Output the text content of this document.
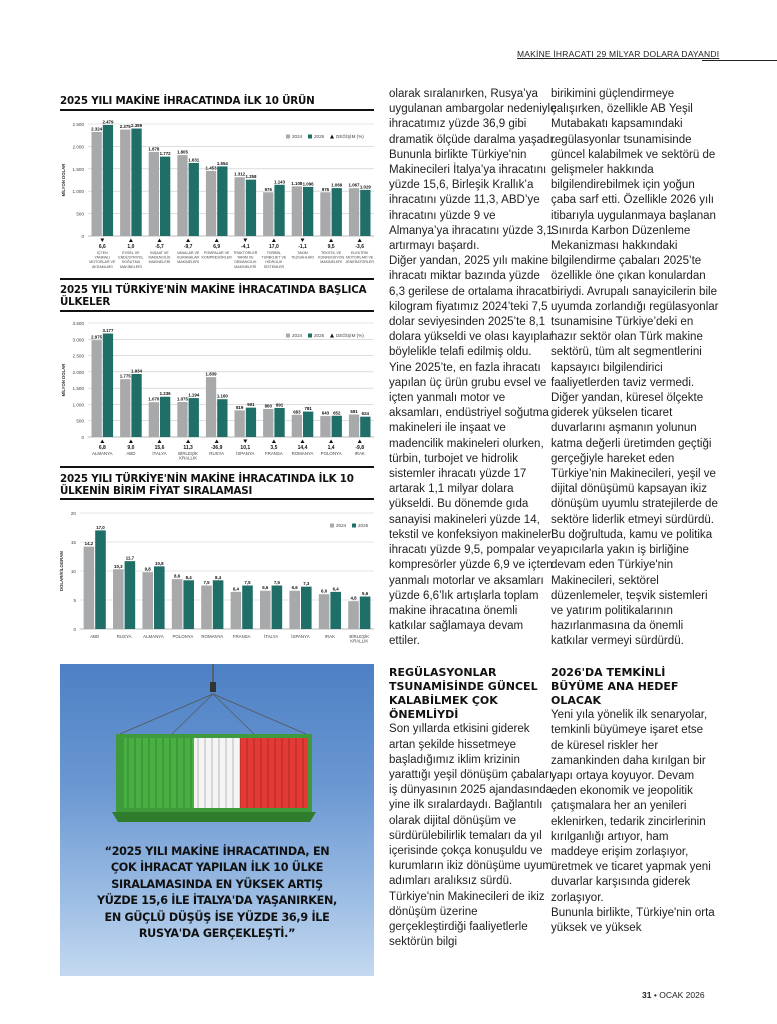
MAKİNE İHRACATI 29 MİLYAR DOLARA DAYANDI
2025 YILI MAKİNE İHRACATINDA İLK 10 ÜRÜN
0
500
1.000
1.500
2.000
2.500
MİLYON DOLAR
2024	2025	DEĞİŞİM (%)
2.324
2.479
6,6
İÇTEN
YANMALI
MOTORLAR VE
AKSAMLARI
2.375 2.399
1,0
EVSEL VE
ENDÜSTRİYEL
SOĞUTMA
MAKİNELERİ
1.878
1.772
-5,7
İNŞAAT VE
MADENCİLİK
MAKİNELERİ
1.805
1.631
-9,7
VANALAR VE
KURANALAR
MAKİNELERİ
1.453
1.554
6,9
POMPALAR VE
KOMPRESÖRLER
1.312 1.258
-4,1
TRAKTÖRLER
TARIM VE
ORMANCILIK
MAKİNELERİ
976
1.143
17,0
TÜRBİN,
TURBOJET VE
HİDROLİK
SİSTEMLER
1.108 1.096
-1,1
TAKIM
TEZGAHLARI
976
1.069
9,5
TEKSTİL VE
KONFEKSİYON
MAKİNELERİ
1.067 1.029
-3,6
ELEKTRİK
MOTORLARI VE
JENERATÖRLER
2025 YILI TÜRKİYE'NİN MAKİNE İHRACATINDA BAŞLICA ÜLKELER
0
500
1.000
1.500
2.000
2.500
3.000
3.500
MİLYON DOLAR
2024	2025	DEĞİŞİM (%)
2.975
3.177
6,8
ALMANYA
1.775
1.934
9,0
ABD
1.070
1.236
15,6
İTALYA
1.075
1.194
11,3
BİRLEŞİK
KRALLIK
1.839
1.160
-36,9
RUSYA
819
901
10,1
İSPANYA
860 891
3,5
FRANSA
683
781
14,4
ROMANYA
643 652
1,4
POLONYA
691 624
-9,8
IRAK
2025 YILI TÜRKİYE'NİN MAKİNE İHRACATINDA İLK 10 ÜLKENİN BİRİM FİYAT SIRALAMASI
0
5
10
15
20
DOLAR/KİLOGRAM
2024	2025
14,2
17,0
ABD
10,3
11,7
RUSYA
9,8
10,8
ALMANYA
8,6 8,4
POLONYA
7,5
8,4
ROMANYA
6,4
7,5
FRANSA
6,6
7,5
İTALYA
6,6
7,3
İSPANYA
6,0 6,4
IRAK
4,8
5,6
BİRLEŞİK
KRALLIK
“2025 YILI MAKİNE İHRACATINDA, EN
ÇOK İHRACAT YAPILAN İLK 10 ÜLKE
SIRALAMASINDA EN YÜKSEK ARTIŞ
YÜZDE 15,6 İLE İTALYA'DA YAŞANIRKEN,
EN GÜÇLÜ DÜŞÜŞ İSE YÜZDE 36,9 İLE
RUSYA'DA GERÇEKLEŞTİ.”

olarak sıralanırken, Rusya’ya uygulanan ambargolar nedeniyle ihracatımız yüzde 36,9 gibi dramatik ölçüde daralma yaşadı. Bununla birlikte Türkiye'nin Makinecileri İtalya’ya ihracatını yüzde 15,6, Birleşik Krallık’a ihracatını yüzde 11,3, ABD’ye ihracatını yüzde 9 ve Almanya’ya ihracatını yüzde 3,1 artırmayı başardı.

Diğer yandan, 2025 yılı makine ihracatı miktar bazında yüzde 6,3 gerilese de ortalama ihracat kilogram fiyatımız 2024’teki 7,5 dolar seviyesinden 2025’te 8,1 dolara yükseldi ve olası kayıplar böylelikle telafi edilmiş oldu. Yine 2025’te, en fazla ihracatı yapılan üç ürün grubu evsel ve içten yanmalı motor ve aksamları, endüstriyel soğutma makineleri ile inşaat ve madencilik makineleri olurken, türbin, turbojet ve hidrolik sistemler ihracatı yüzde 17 artarak 1,1 milyar dolara yükseldi. Bu dönemde gıda sanayisi makineleri yüzde 14, tekstil ve konfeksiyon makineleri ihracatı yüzde 9,5, pompalar ve kompresörler yüzde 6,9 ve içten yanmalı motorlar ve aksamları yüzde 6,6’lık artışlarla toplam makine ihracatına önemli katkılar sağlamaya devam ettiler.

REGÜLASYONLAR TSUNAMİSİNDE GÜNCEL KALABİLMEK ÇOK ÖNEMLİYDİ

Son yıllarda etkisini giderek artan şekilde hissetmeye başladığımız iklim krizinin yarattığı yeşil dönüşüm çabaları, iş dünyasının 2025 ajandasında yine ilk sıralardaydı. Bağlantılı olarak dijital dönüşüm ve sürdürülebilirlik temaları da yıl içerisinde çokça konuşuldu ve kurumların ikiz dönüşüme uyum adımları aralıksız sürdü. Türkiye'nin Makinecileri de ikiz dönüşüm üzerine gerçekleştirdiği faaliyetlerle sektörün bilgi

birikimini güçlendirmeye çalışırken, özellikle AB Yeşil Mutabakatı kapsamındaki regülasyonlar tsunamisinde güncel kalabilmek ve sektörü de gelişmeler hakkında bilgilendirebilmek için yoğun çaba sarf etti. Özellikle 2026 yılı itibarıyla uygulanmaya başlanan Sınırda Karbon Düzenleme Mekanizması hakkındaki bilgilendirme çabaları 2025’te özellikle öne çıkan konulardan biriydi. Avrupalı sanayicilerin bile uyumda zorlandığı regülasyonlar tsunamisine Türkiye’deki en hazır sektör olan Türk makine sektörü, tüm alt segmentlerini kapsayıcı bilgilendirici faaliyetlerden taviz vermedi.

Diğer yandan, küresel ölçekte giderek yükselen ticaret duvarlarını aşmanın yolunun katma değerli üretimden geçtiği gerçeğiyle hareket eden Türkiye’nin Makinecileri, yeşil ve dijital dönüşümü kapsayan ikiz dönüşüm uyumlu stratejilerde de sektöre liderlik etmeyi sürdürdü. Bu doğrultuda, kamu ve politika yapıcılarla yakın iş birliğine devam eden Türkiye'nin Makinecileri, sektörel düzenlemeler, teşvik sistemleri ve yatırım politikalarının hazırlanmasına da önemli katkılar vermeyi sürdürdü.

2026'DA TEMKİNLİ BÜYÜME ANA HEDEF OLACAK

Yeni yıla yönelik ilk senaryolar, temkinli büyümeye işaret etse de küresel riskler her zamankinden daha kırılgan bir yapı ortaya koyuyor. Devam eden ekonomik ve jeopolitik çatışmalara her an yenileri eklenirken, tedarik zincirlerinin kırılganlığı artıyor, ham maddeye erişim zorlaşıyor, üretmek ve ticaret yapmak yeni duvarlar karşısında giderek zorlaşıyor.

Bununla birlikte, Türkiye'nin orta yüksek ve yüksek

31 • OCAK 2026
